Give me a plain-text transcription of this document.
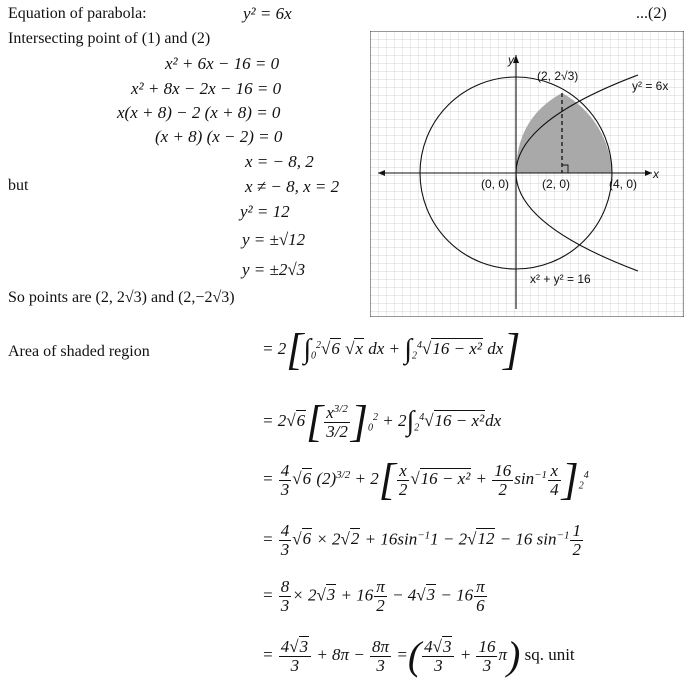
Equation of parabola:	y² = 6x	...(2)
Intersecting point of (1) and (2)
x² + 6x − 16 = 0
x² + 8x − 2x − 16 = 0
x(x + 8) − 2 (x + 8) = 0
(x + 8) (x − 2) = 0
x = − 8, 2
but	x ≠ − 8, x = 2
y² = 12
y = ±√12
y = ±2√3
So points are (2, 2√3) and (2,−2√3)
y
x
(2, 2√3)
y² = 6x
(0, 0)	(2, 0)	(4, 0)
x² + y² = 16
Area of shaded region	= $2[\int_0^2√6$ √x dx + $\int_2^4√16 - x^2$ dx]
= $2√6[ \frac{x^{3/2}}{3/2} ]_0^2 + 2\int_2^4√16 - x^2dx$
= $\frac{4}{3} √6$ $(2)^{3/2} + 2[ \frac{x}{2} √16 - x^2 + \frac{16}{2} \sin^{-1} \frac{x}{4} ]_2^4$
= $\frac{4}{3} √6 \times 2√2 + 16\sin^{-1}1 - 2√12 - 16$ $\sin^{-1} \frac{1}{2}$
= $\frac{8}{3} \times 2√3 + 16 \frac{\pi}{2} - 4√3 - 16 \frac{\pi}{6}$
= $\frac{4√3}{3} + 8\pi - \frac{8\pi}{3}$ =( $\frac{4√3}{3} + \frac{16}{3} \pi$) sq. unit
